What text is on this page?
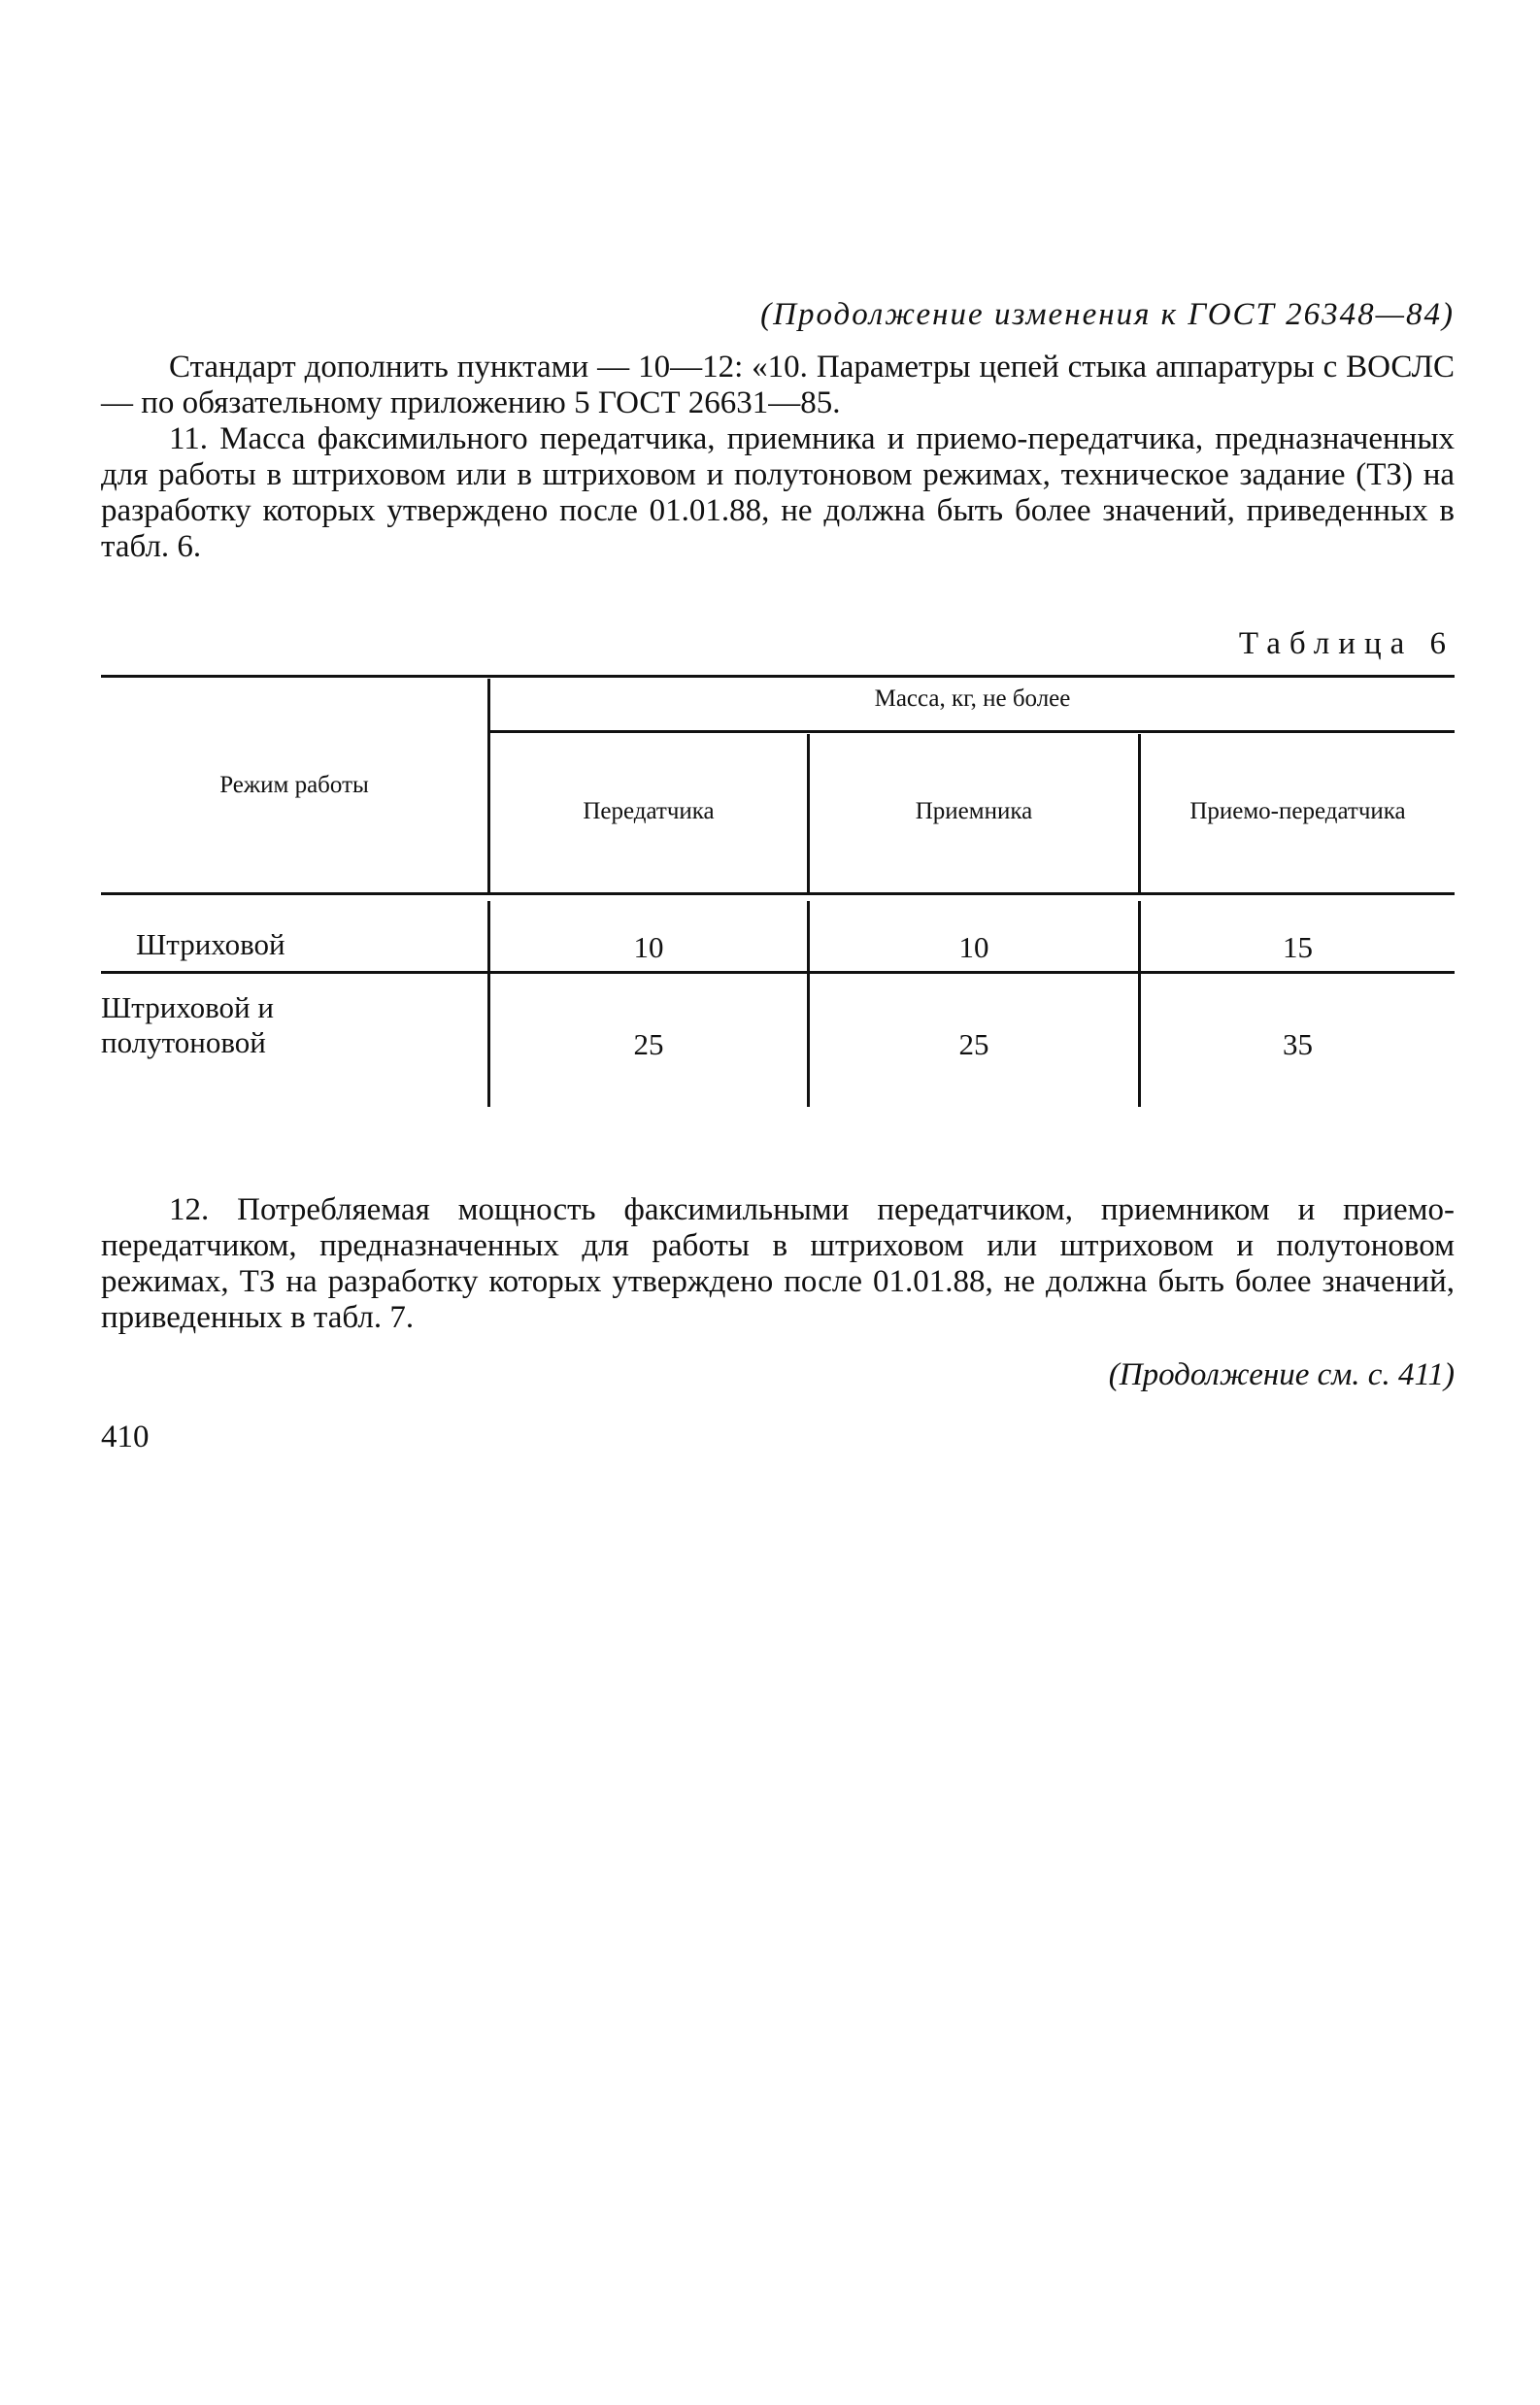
(Продолжение изменения к ГОСТ 26348—84)

Стандарт дополнить пунктами — 10—12: «10. Параметры цепей стыка аппаратуры с ВОСЛС — по обязательному приложению 5 ГОСТ 26631—85.

11. Масса факсимильного передатчика, приемника и приемо-передатчика, предназначенных для работы в штриховом или в штриховом и полутоновом режимах, техническое задание (ТЗ) на разработку которых утверждено после 01.01.88, не должна быть более значений, приведенных в табл. 6.

Таблица 6
Режим работы
Масса, кг, не более
Передатчика	Приемника	Приемо-передатчика
Штриховой	10	10	15
Штриховой и полутоновой	25	25	35

12. Потребляемая мощность факсимильными передатчиком, приемником и приемо-передатчиком, предназначенных для работы в штриховом или штриховом и полутоновом режимах, ТЗ на разработку которых утверждено после 01.01.88, не должна быть более значений, приведенных в табл. 7.

(Продолжение см. с. 411)
410
